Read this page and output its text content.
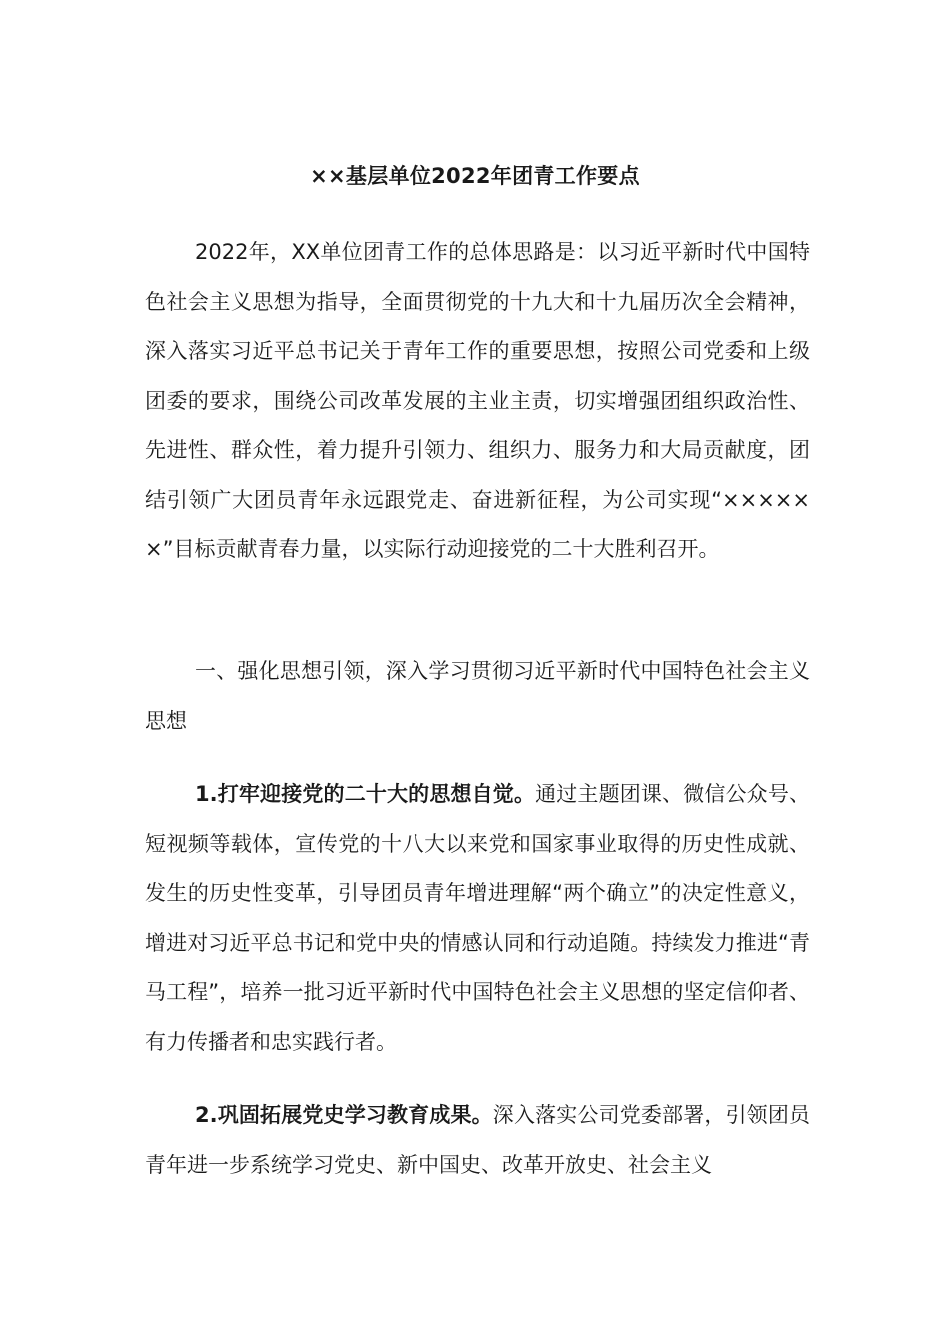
××基层单位2022年团青工作要点

2022年，XX单位团青工作的总体思路是：以习近平新时代中国特色社会主义思想为指导，全面贯彻党的十九大和十九届历次全会精神，深入落实习近平总书记关于青年工作的重要思想，按照公司党委和上级团委的要求，围绕公司改革发展的主业主责，切实增强团组织政治性、先进性、群众性，着力提升引领力、组织力、服务力和大局贡献度，团结引领广大团员青年永远跟党走、奋进新征程，为公司实现“××××××”目标贡献青春力量，以实际行动迎接党的二十大胜利召开。

一、强化思想引领，深入学习贯彻习近平新时代中国特色社会主义思想

1.打牢迎接党的二十大的思想自觉。通过主题团课、微信公众号、短视频等载体，宣传党的十八大以来党和国家事业取得的历史性成就、发生的历史性变革，引导团员青年增进理解“两个确立”的决定性意义，增进对习近平总书记和党中央的情感认同和行动追随。持续发力推进“青马工程”，培养一批习近平新时代中国特色社会主义思想的坚定信仰者、有力传播者和忠实践行者。

2.巩固拓展党史学习教育成果。深入落实公司党委部署，引领团员青年进一步系统学习党史、新中国史、改革开放史、社会主义
